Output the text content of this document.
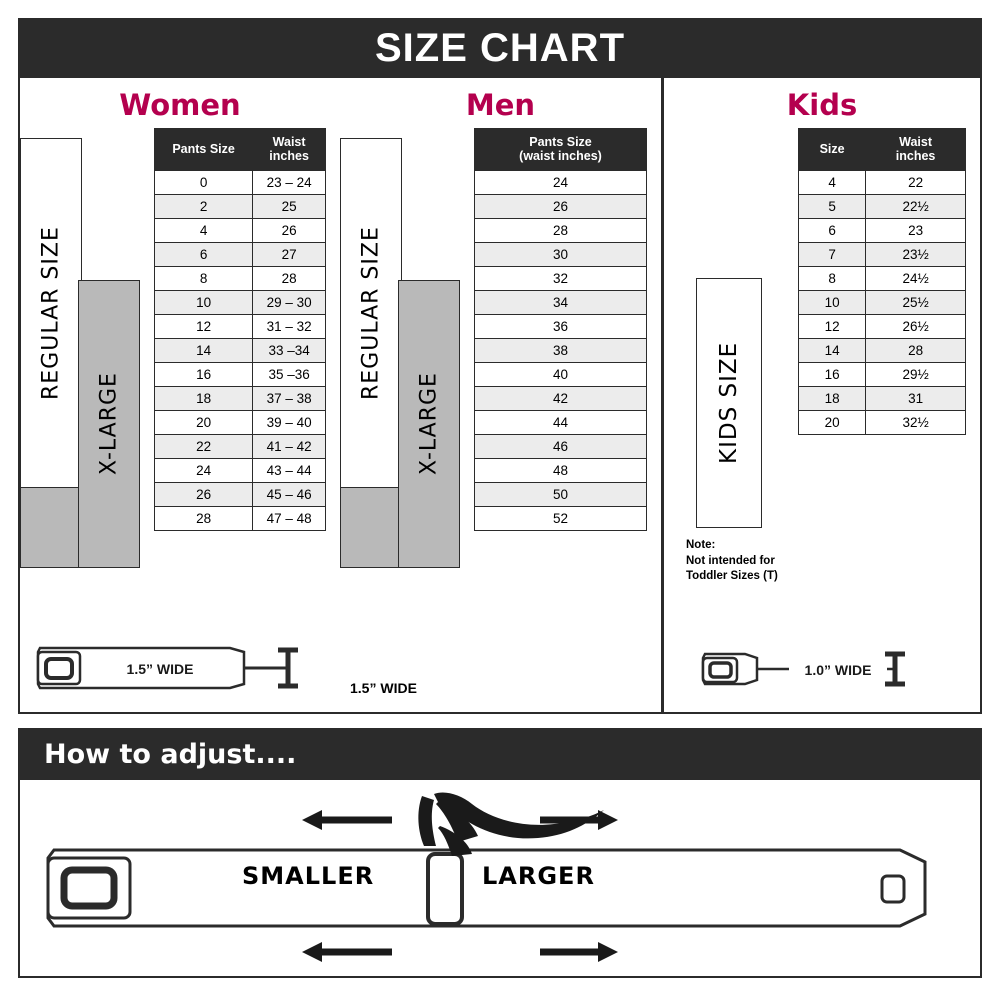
SIZE CHART
Women
REGULAR SIZE
X-LARGE
Pants Size	Waist
inches
0	23 – 24
2	25
4	26
6	27
8	28
10	29 – 30
12	31 – 32
14	33 –34
16	35 –36
18	37 – 38
20	39 – 40
22	41 – 42
24	43 – 44
26	45 – 46
28	47 – 48
1.5” WIDE
Men
REGULAR SIZE
X-LARGE
Pants Size
(waist inches)
24
26
28
30
32
34
36
38
40
42
44
46
48
50
52
1.5” WIDE
Kids
KIDS SIZE
Note:
Not intended for
Toddler Sizes (T)
Size	Waist
inches
4	22
5	22½
6	23
7	23½
8	24½
10	25½
12	26½
14	28
16	29½
18	31
20	32½
1.0” WIDE
How to adjust....
SMALLER	LARGER
